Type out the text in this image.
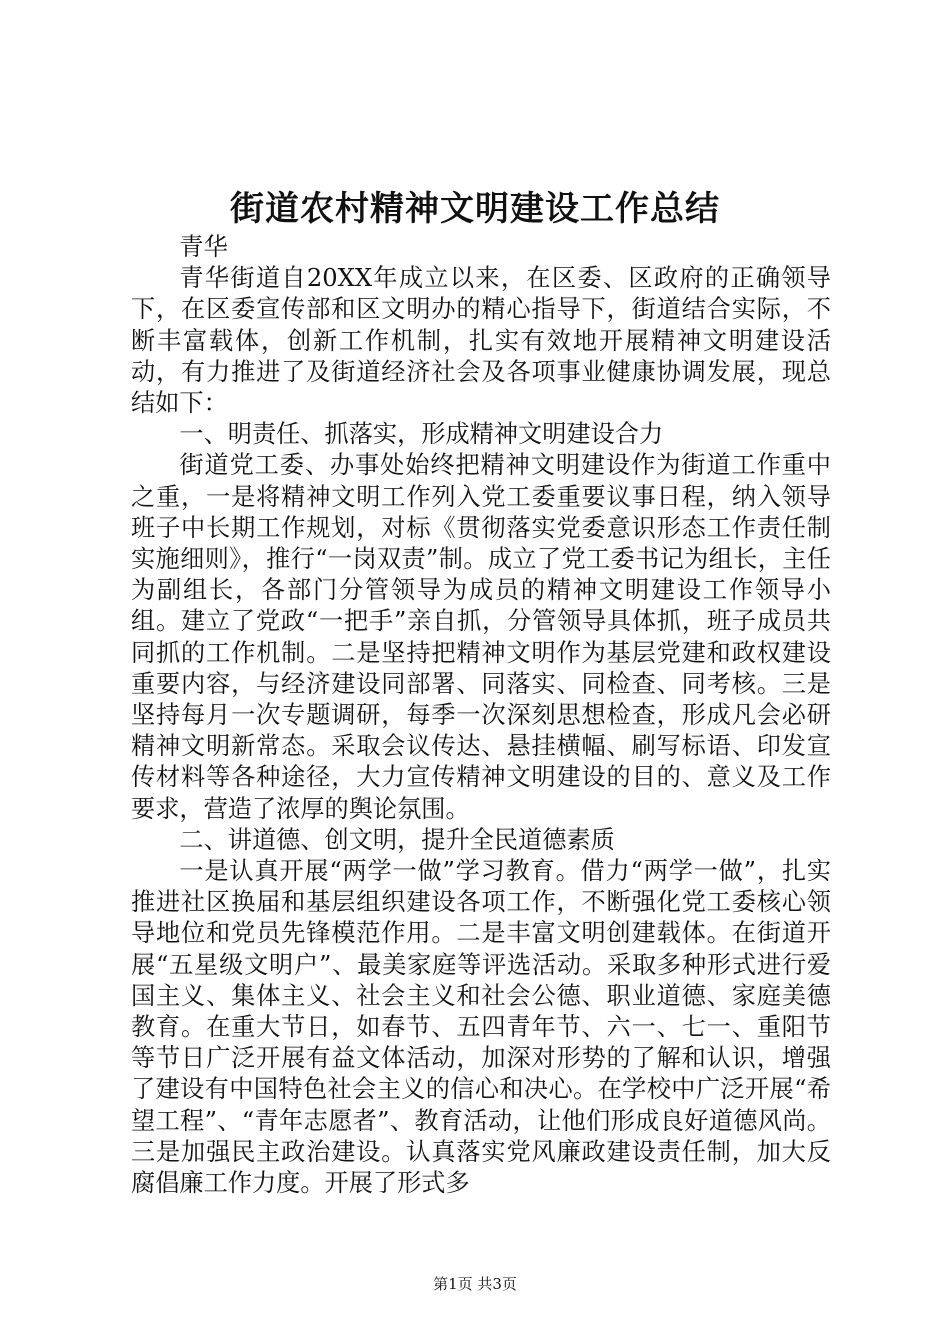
街道农村精神文明建设工作总结

青华

青华街道自20XX年成立以来，在区委、区政府的正确领导下，在区委宣传部和区文明办的精心指导下，街道结合实际，不断丰富载体，创新工作机制，扎实有效地开展精神文明建设活动，有力推进了及街道经济社会及各项事业健康协调发展，现总结如下：

一、明责任、抓落实，形成精神文明建设合力

街道党工委、办事处始终把精神文明建设作为街道工作重中之重，一是将精神文明工作列入党工委重要议事日程，纳入领导班子中长期工作规划，对标《贯彻落实党委意识形态工作责任制实施细则》，推行“一岗双责”制。成立了党工委书记为组长，主任为副组长，各部门分管领导为成员的精神文明建设工作领导小组。建立了党政“一把手”亲自抓，分管领导具体抓，班子成员共同抓的工作机制。二是坚持把精神文明作为基层党建和政权建设重要内容，与经济建设同部署、同落实、同检查、同考核。三是坚持每月一次专题调研，每季一次深刻思想检查，形成凡会必研精神文明新常态。采取会议传达、悬挂横幅、刷写标语、印发宣传材料等各种途径，大力宣传精神文明建设的目的、意义及工作要求，营造了浓厚的舆论氛围。

二、讲道德、创文明，提升全民道德素质

一是认真开展“两学一做”学习教育。借力“两学一做”，扎实推进社区换届和基层组织建设各项工作，不断强化党工委核心领导地位和党员先锋模范作用。二是丰富文明创建载体。在街道开展“五星级文明户”、最美家庭等评选活动。采取多种形式进行爱国主义、集体主义、社会主义和社会公德、职业道德、家庭美德教育。在重大节日，如春节、五四青年节、六一、七一、重阳节等节日广泛开展有益文体活动，加深对形势的了解和认识，增强了建设有中国特色社会主义的信心和决心。在学校中广泛开展“希望工程”、“青年志愿者”、教育活动，让他们形成良好道德风尚。三是加强民主政治建设。认真落实党风廉政建设责任制，加大反腐倡廉工作力度。开展了形式多

第1页 共3页
